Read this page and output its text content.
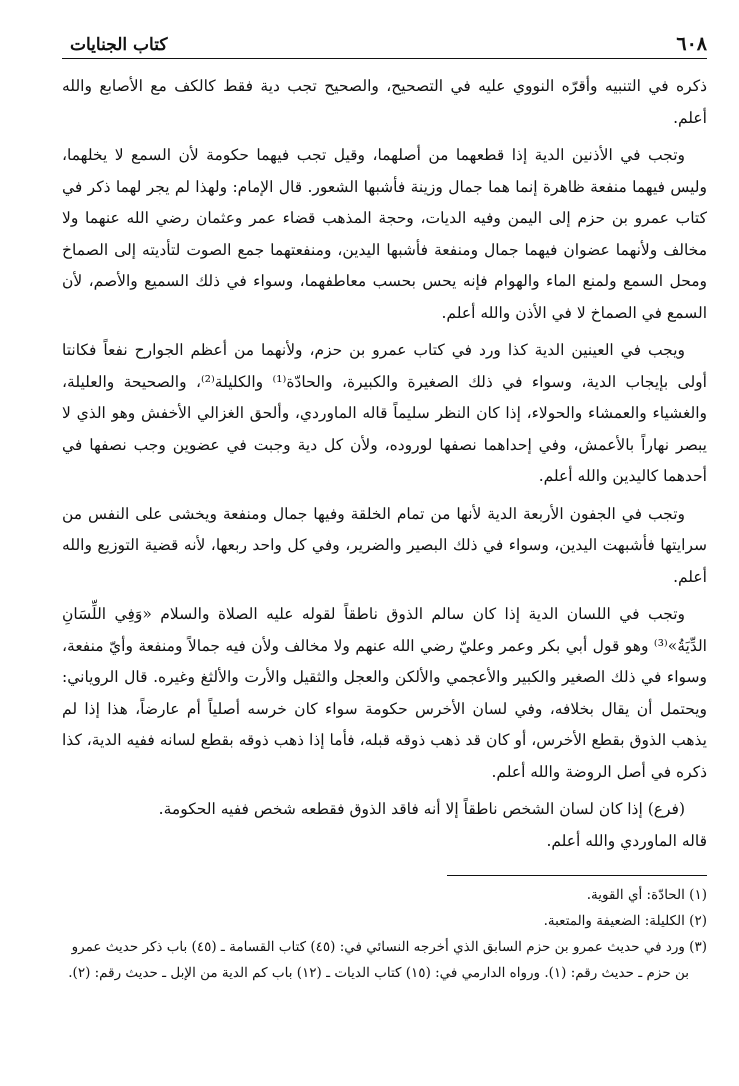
٦٠٨
كتاب الجنايات

ذكره في التنبيه وأقرّه النووي عليه في التصحيح، والصحيح تجب دية فقط كالكف مع الأصابع والله أعلم.

وتجب في الأذنين الدية إذا قطعهما من أصلهما، وقيل تجب فيهما حكومة لأن السمع لا يخلهما، وليس فيهما منفعة ظاهرة إنما هما جمال وزينة فأشبها الشعور. قال الإمام: ولهذا لم يجر لهما ذكر في كتاب عمرو بن حزم إلى اليمن وفيه الديات، وحجة المذهب قضاء عمر وعثمان رضي الله عنهما ولا مخالف ولأنهما عضوان فيهما جمال ومنفعة فأشبها اليدين، ومنفعتهما جمع الصوت لتأديته إلى الصماخ ومحل السمع ولمنع الماء والهوام فإنه يحس بحسب معاطفهما، وسواء في ذلك السميع والأصم، لأن السمع في الصماخ لا في الأذن والله أعلم.

ويجب في العينين الدية كذا ورد في كتاب عمرو بن حزم، ولأنهما من أعظم الجوارح نفعاً فكانتا أولى بإيجاب الدية، وسواء في ذلك الصغيرة والكبيرة، والحادّة⁽¹⁾ والكليلة⁽²⁾، والصحيحة والعليلة، والغشياء والعمشاء والحولاء، إذا كان النظر سليماً قاله الماوردي، وألحق الغزالي الأخفش وهو الذي لا يبصر نهاراً بالأعمش، وفي إحداهما نصفها لوروده، ولأن كل دية وجبت في عضوين وجب نصفها في أحدهما كاليدين والله أعلم.

وتجب في الجفون الأربعة الدية لأنها من تمام الخلقة وفيها جمال ومنفعة ويخشى على النفس من سرايتها فأشبهت اليدين، وسواء في ذلك البصير والضرير، وفي كل واحد ربعها، لأنه قضية التوزيع والله أعلم.

وتجب في اللسان الدية إذا كان سالم الذوق ناطقاً لقوله عليه الصلاة والسلام «وَفِي اللِّسَانِ الدِّيَةُ»⁽³⁾ وهو قول أبي بكر وعمر وعليّ رضي الله عنهم ولا مخالف ولأن فيه جمالاً ومنفعة وأيّ منفعة، وسواء في ذلك الصغير والكبير والأعجمي والألكن والعجل والثقيل والأرت والألثغ وغيره. قال الروياني: ويحتمل أن يقال بخلافه، وفي لسان الأخرس حكومة سواء كان خرسه أصلياً أم عارضاً، هذا إذا لم يذهب الذوق بقطع الأخرس، أو كان قد ذهب ذوقه قبله، فأما إذا ذهب ذوقه بقطع لسانه ففيه الدية، كذا ذكره في أصل الروضة والله أعلم.

(فرع) إذا كان لسان الشخص ناطقاً إلا أنه فاقد الذوق فقطعه شخص ففيه الحكومة.

قاله الماوردي والله أعلم.

(١) الحادّة: أي القوية.
(٢) الكليلة: الضعيفة والمتعبة.
(٣) ورد في حديث عمرو بن حزم السابق الذي أخرجه النسائي في: (٤٥) كتاب القسامة ـ (٤٥) باب ذكر حديث عمرو بن حزم ـ حديث رقم: (١). ورواه الدارمي في: (١٥) كتاب الديات ـ (١٢) باب كم الدية من الإبل ـ حديث رقم: (٢).
